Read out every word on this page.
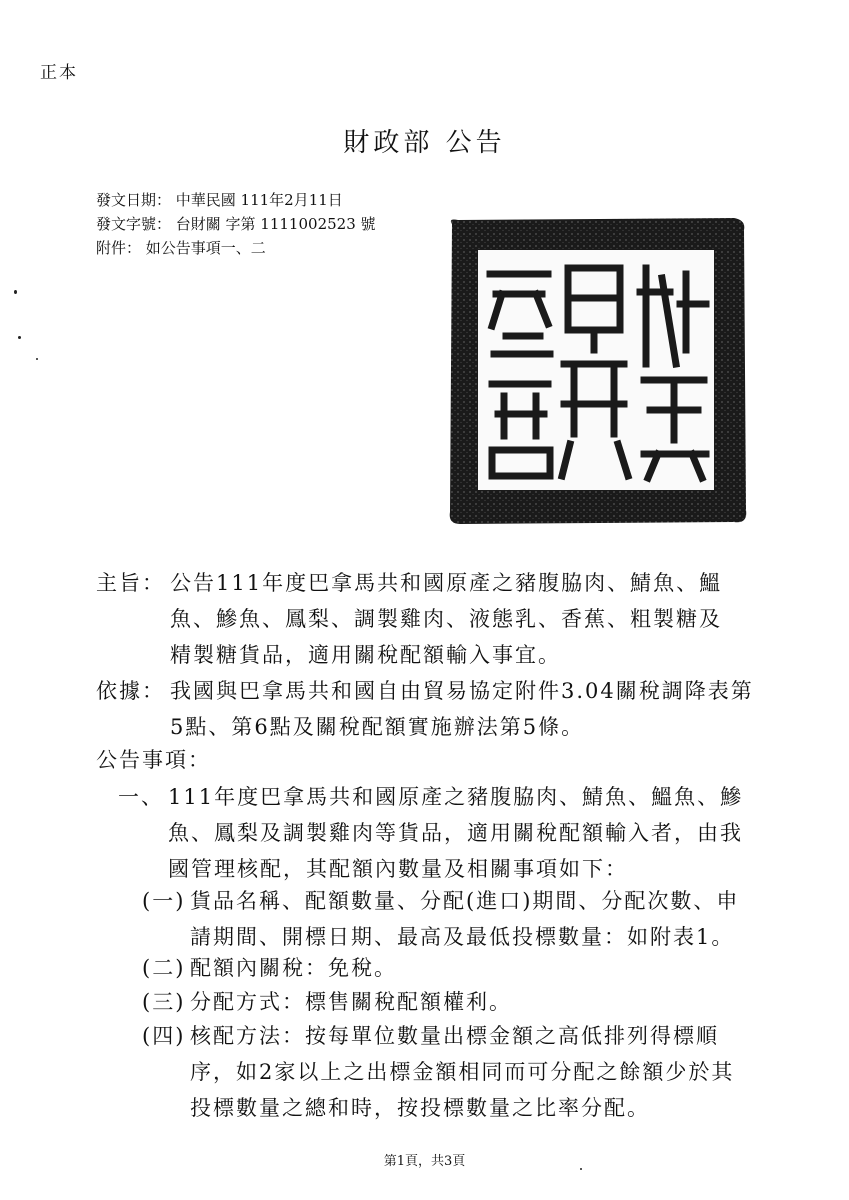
正本
財政部 公告
發文日期： 中華民國 111年2月11日
發文字號： 台財關 字第 1111002523 號
附件： 如公告事項一、二
主旨： 公告111年度巴拿馬共和國原產之豬腹脇肉、鯖魚、鰮
魚、鰺魚、鳳梨、調製雞肉、液態乳、香蕉、粗製糖及
精製糖貨品，適用關稅配額輸入事宜。
依據： 我國與巴拿馬共和國自由貿易協定附件3.04關稅調降表第
5點、第6點及關稅配額實施辦法第5條。
公告事項：
一、 111年度巴拿馬共和國原產之豬腹脇肉、鯖魚、鰮魚、鰺
魚、鳳梨及調製雞肉等貨品，適用關稅配額輸入者，由我
國管理核配，其配額內數量及相關事項如下：
(一) 貨品名稱、配額數量、分配(進口)期間、分配次數、申
請期間、開標日期、最高及最低投標數量：如附表1。
(二) 配額內關稅：免稅。
(三) 分配方式：標售關稅配額權利。
(四) 核配方法：按每單位數量出標金額之高低排列得標順
序，如2家以上之出標金額相同而可分配之餘額少於其
投標數量之總和時，按投標數量之比率分配。
第1頁，共3頁
